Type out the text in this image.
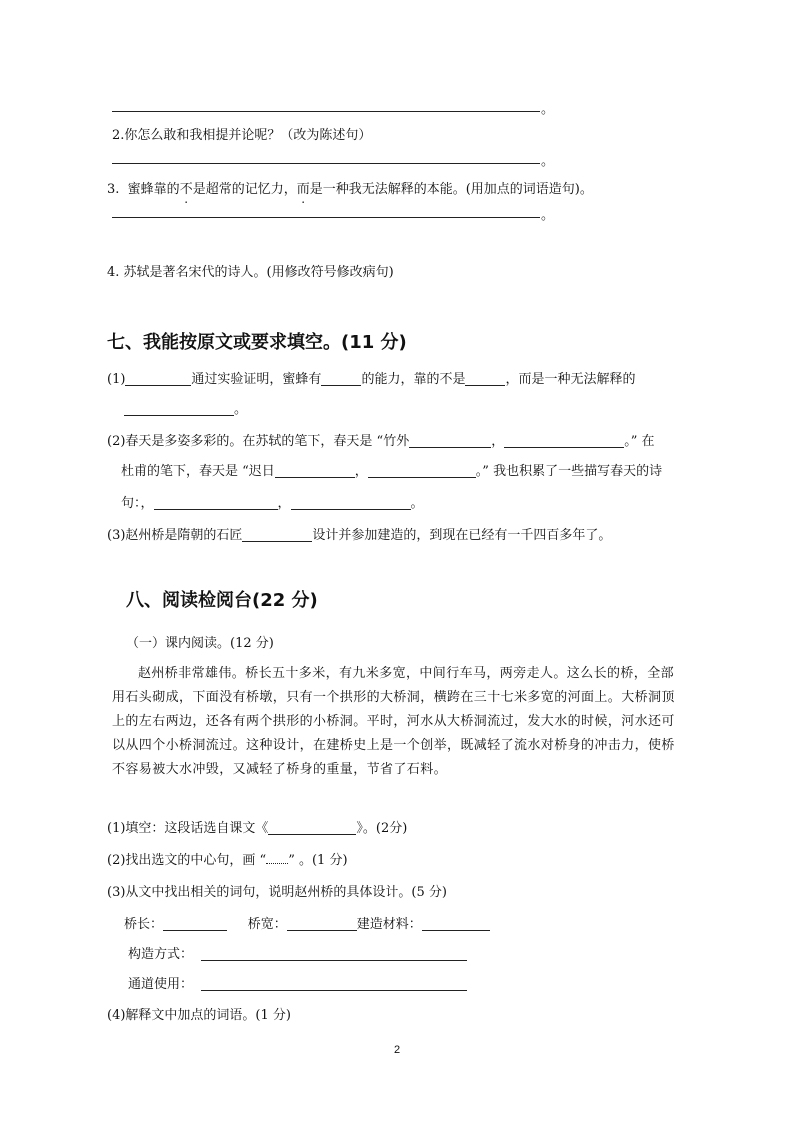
。
2.你怎么敢和我相提并论呢？（改为陈述句）
。
3. 蜜蜂靠的不是超常的记忆力，而是一种我无法解释的本能。(用加点的词语造句)。
。
4. 苏轼是著名宋代的诗人。(用修改符号修改病句)
七、我能按原文或要求填空。(11 分)
(1)	通过实验证明，蜜蜂有	的能力，靠的不是	，而是一种无法解释的
。
(2)春天是多姿多彩的。在苏轼的笔下，春天是 “竹外	，	。” 在
杜甫的笔下，春天是 “迟日	，	。” 我也积累了一些描写春天的诗
句：，	，	。
(3)赵州桥是隋朝的石匠	设计并参加建造的，到现在已经有一千四百多年了。
八、阅读检阅台(22 分)
（一）课内阅读。(12 分)
赵州桥非常雄伟。桥长五十多米，有九米多宽，中间行车马，两旁走人。这么长的桥，全部
用石头砌成，下面没有桥墩，只有一个拱形的大桥洞，横跨在三十七米多宽的河面上。大桥洞顶
上的左右两边，还各有两个拱形的小桥洞。平时，河水从大桥洞流过，发大水的时候，河水还可
以从四个小桥洞流过。这种设计，在建桥史上是一个创举，既减轻了流水对桥身的冲击力，使桥
不容易被大水冲毁，又减轻了桥身的重量，节省了石料。
(1)填空：这段话选自课文《	》。(2分)
(2)找出选文的中心句，画 “ ” 。(1 分)
(3)从文中找出相关的词句，说明赵州桥的具体设计。(5 分)
桥长：	桥宽：	建造材料：
构造方式：
通道使用：
(4)解释文中加点的词语。(1 分)
2
